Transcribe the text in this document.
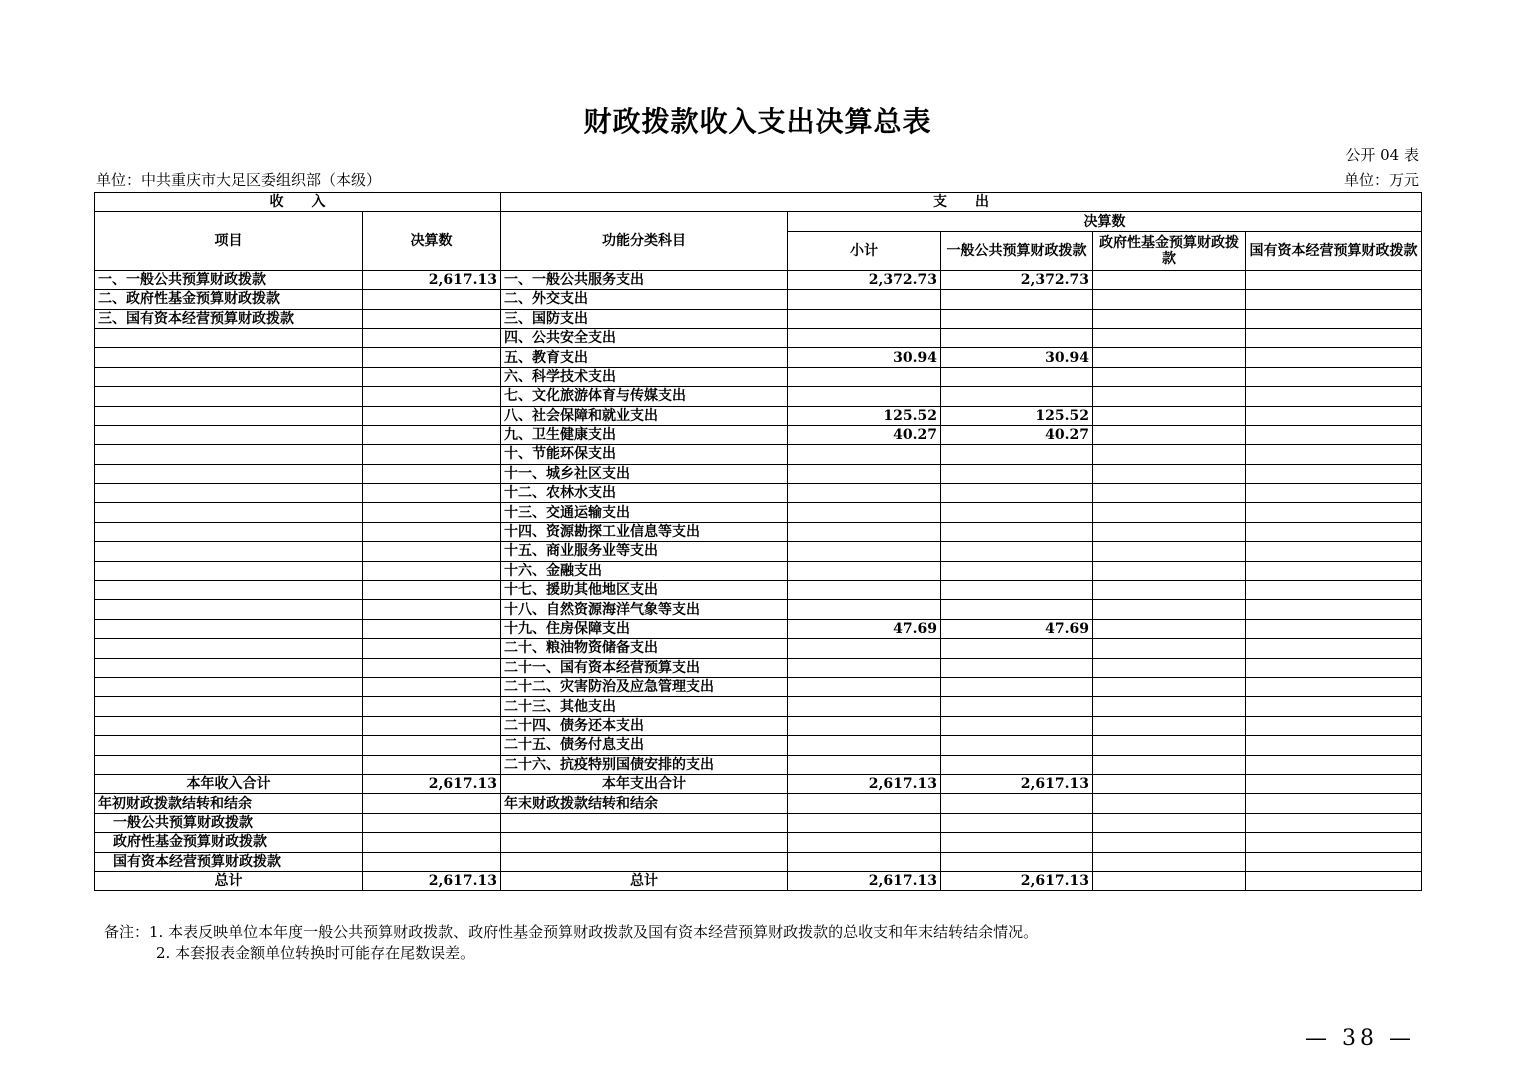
财政拨款收入支出决算总表
公开 04 表
单位：中共重庆市大足区委组织部（本级）	单位：万元
收　　入		支　　出				
项目	决算数	功能分类科目	决算数			
			小计	一般公共预算财政拨款	政府性基金预算财政拨款	国有资本经营预算财政拨款
一、一般公共预算财政拨款	2,617.13	一、一般公共服务支出	2,372.73	2,372.73		
二、政府性基金预算财政拨款		二、外交支出				
三、国有资本经营预算财政拨款		三、国防支出				
		四、公共安全支出				
		五、教育支出	30.94	30.94		
		六、科学技术支出				
		七、文化旅游体育与传媒支出				
		八、社会保障和就业支出	125.52	125.52		
		九、卫生健康支出	40.27	40.27		
		十、节能环保支出				
		十一、城乡社区支出				
		十二、农林水支出				
		十三、交通运输支出				
		十四、资源勘探工业信息等支出				
		十五、商业服务业等支出				
		十六、金融支出				
		十七、援助其他地区支出				
		十八、自然资源海洋气象等支出				
		十九、住房保障支出	47.69	47.69		
		二十、粮油物资储备支出				
		二十一、国有资本经营预算支出				
		二十二、灾害防治及应急管理支出				
		二十三、其他支出				
		二十四、债务还本支出				
		二十五、债务付息支出				
		二十六、抗疫特别国债安排的支出				
本年收入合计	2,617.13	本年支出合计	2,617.13	2,617.13		
年初财政拨款结转和结余		年末财政拨款结转和结余				
一般公共预算财政拨款						
政府性基金预算财政拨款						
国有资本经营预算财政拨款						
总计	2,617.13	总计	2,617.13	2,617.13		
备注：1. 本表反映单位本年度一般公共预算财政拨款、政府性基金预算财政拨款及国有资本经营预算财政拨款的总收支和年末结转结余情况。
2. 本套报表金额单位转换时可能存在尾数误差。
— 38 —
